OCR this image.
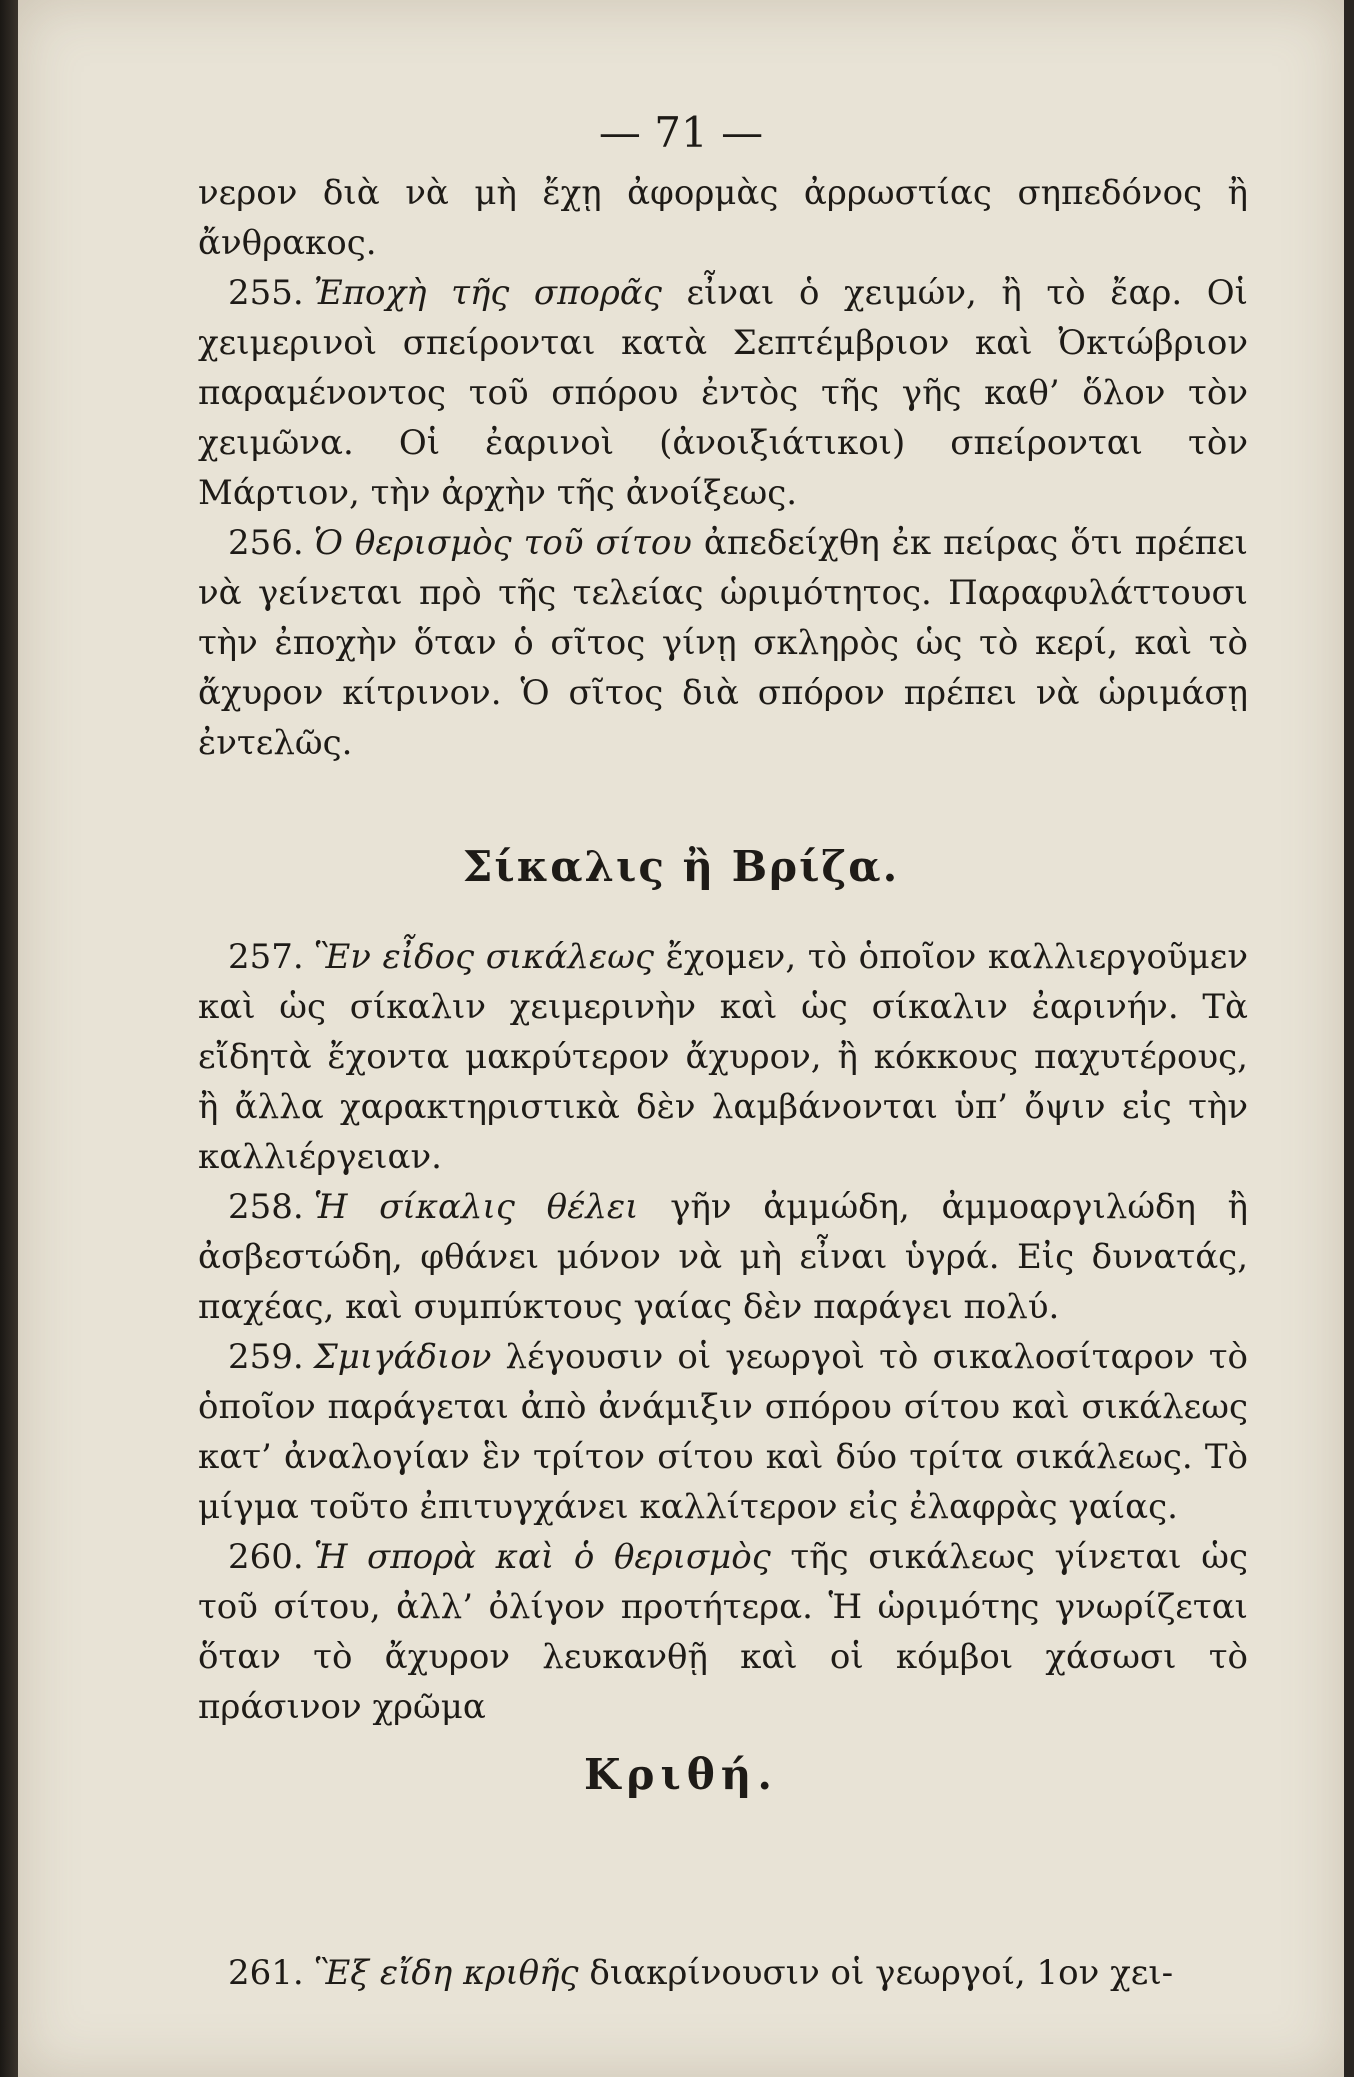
— 71 —

νερον διὰ νὰ μὴ ἔχῃ ἀφορμὰς ἀρρωστίας σηπεδόνος ἢ ἄνθρακος.

255. Ἐποχὴ τῆς σπορᾶς εἶναι ὁ χειμών, ἢ τὸ ἔαρ. Οἱ χειμερινοὶ σπείρονται κατὰ Σεπτέμβριον καὶ Ὀκτώβριον παραμένοντος τοῦ σπόρου ἐντὸς τῆς γῆς καθ’ ὅλον τὸν χειμῶνα. Οἱ ἐαρινοὶ (ἀνοιξιάτικοι) σπείρονται τὸν Μάρτιον, τὴν ἀρχὴν τῆς ἀνοίξεως.

256. Ὁ θερισμὸς τοῦ σίτου ἀπεδείχθη ἐκ πείρας ὅτι πρέπει νὰ γείνεται πρὸ τῆς τελείας ὡριμότητος. Παραφυλάττουσι τὴν ἐποχὴν ὅταν ὁ σῖτος γίνῃ σκληρὸς ὡς τὸ κερί, καὶ τὸ ἄχυρον κίτρινον. Ὁ σῖτος διὰ σπόρον πρέπει νὰ ὡριμάσῃ ἐντελῶς.

Σίκαλις ἢ Βρίζα.

257. Ἓν εἶδος σικάλεως ἔχομεν, τὸ ὁποῖον καλλιεργοῦμεν καὶ ὡς σίκαλιν χειμερινὴν καὶ ὡς σίκαλιν ἐαρινήν. Τὰ εἴδητὰ ἔχοντα μακρύτερον ἄχυρον, ἢ κόκκους παχυτέρους, ἢ ἄλλα χαρακτηριστικὰ δὲν λαμβάνονται ὑπ’ ὄψιν εἰς τὴν καλλιέργειαν.

258. Ἡ σίκαλις θέλει γῆν ἀμμώδη, ἀμμοαργιλώδη ἢ ἀσβεστώδη, φθάνει μόνον νὰ μὴ εἶναι ὑγρά. Εἰς δυνατάς, παχέας, καὶ συμπύκτους γαίας δὲν παράγει πολύ.

259. Σμιγάδιον λέγουσιν οἱ γεωργοὶ τὸ σικαλοσίταρον τὸ ὁποῖον παράγεται ἀπὸ ἀνάμιξιν σπόρου σίτου καὶ σικάλεως κατ’ ἀναλογίαν ἓν τρίτον σίτου καὶ δύο τρίτα σικάλεως. Τὸ μίγμα τοῦτο ἐπιτυγχάνει καλλίτερον εἰς ἐλαφρὰς γαίας.

260. Ἡ σπορὰ καὶ ὁ θερισμὸς τῆς σικάλεως γίνεται ὡς τοῦ σίτου, ἀλλ’ ὀλίγον προτήτερα. Ἡ ὡριμότης γνωρίζεται ὅταν τὸ ἄχυρον λευκανθῇ καὶ οἱ κόμβοι χάσωσι τὸ πράσινον χρῶμα

Κριθή.

261. Ἓξ εἴδη κριθῆς διακρίνουσιν οἱ γεωργοί, 1ον χει-
